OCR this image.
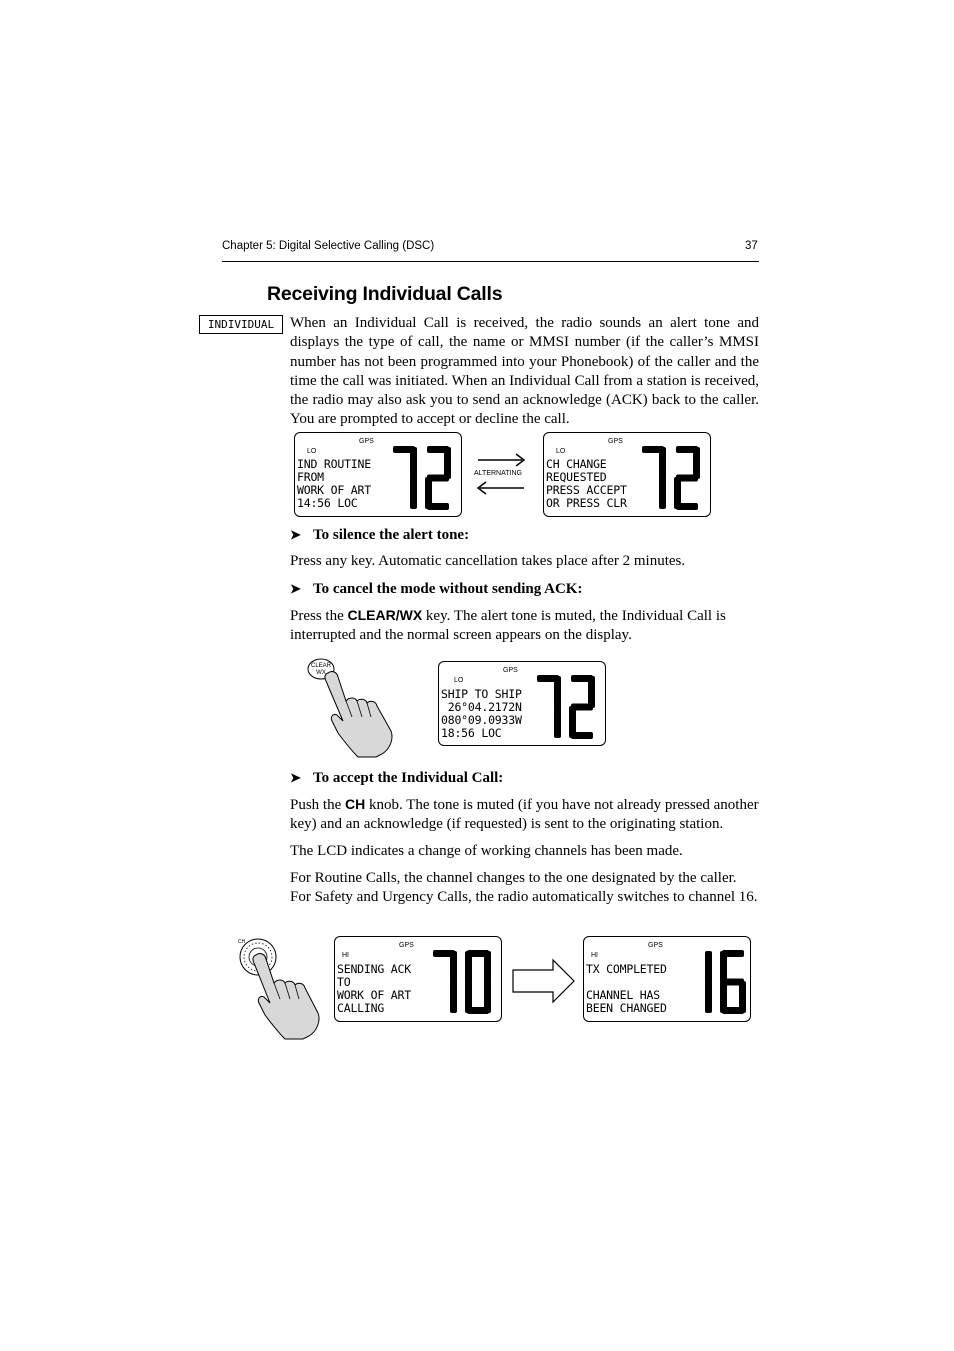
Chapter 5: Digital Selective Calling (DSC)	37
Receiving Individual Calls
INDIVIDUAL	When an Individual Call is received, the radio sounds an alert tone and displays the type of call, the name or MMSI number (if the caller’s MMSI number has not been programmed into your Phonebook) of the caller and the time the call was initiated. When an Individual Call from a station is received, the radio may also ask you to send an acknowledge (ACK) back to the caller. You are prompted to accept or decline the call.
LO
GPS
IND ROUTINE
FROM
WORK OF ART
14:56 LOC
ALTERNATING
LO
GPS
CH CHANGE
REQUESTED
PRESS ACCEPT
OR PRESS CLR
➤ To silence the alert tone:
Press any key. Automatic cancellation takes place after 2 minutes.
➤ To cancel the mode without sending ACK:
Press the CLEAR/WX key. The alert tone is muted, the Individual Call is interrupted and the normal screen appears on the display.
CLEAR
WX
LO
GPS
SHIP TO SHIP
26°04.2172N
080°09.0933W
18:56 LOC
➤ To accept the Individual Call:
Push the CH knob. The tone is muted (if you have not already pressed another key) and an acknowledge (if requested) is sent to the originating station.
The LCD indicates a change of working channels has been made.
For Routine Calls, the channel changes to the one designated by the caller. For Safety and Urgency Calls, the radio automatically switches to channel 16.
CH
HI
GPS
SENDING ACK
TO
WORK OF ART
CALLING
HI
GPS
TX COMPLETED
CHANNEL HAS
BEEN CHANGED
